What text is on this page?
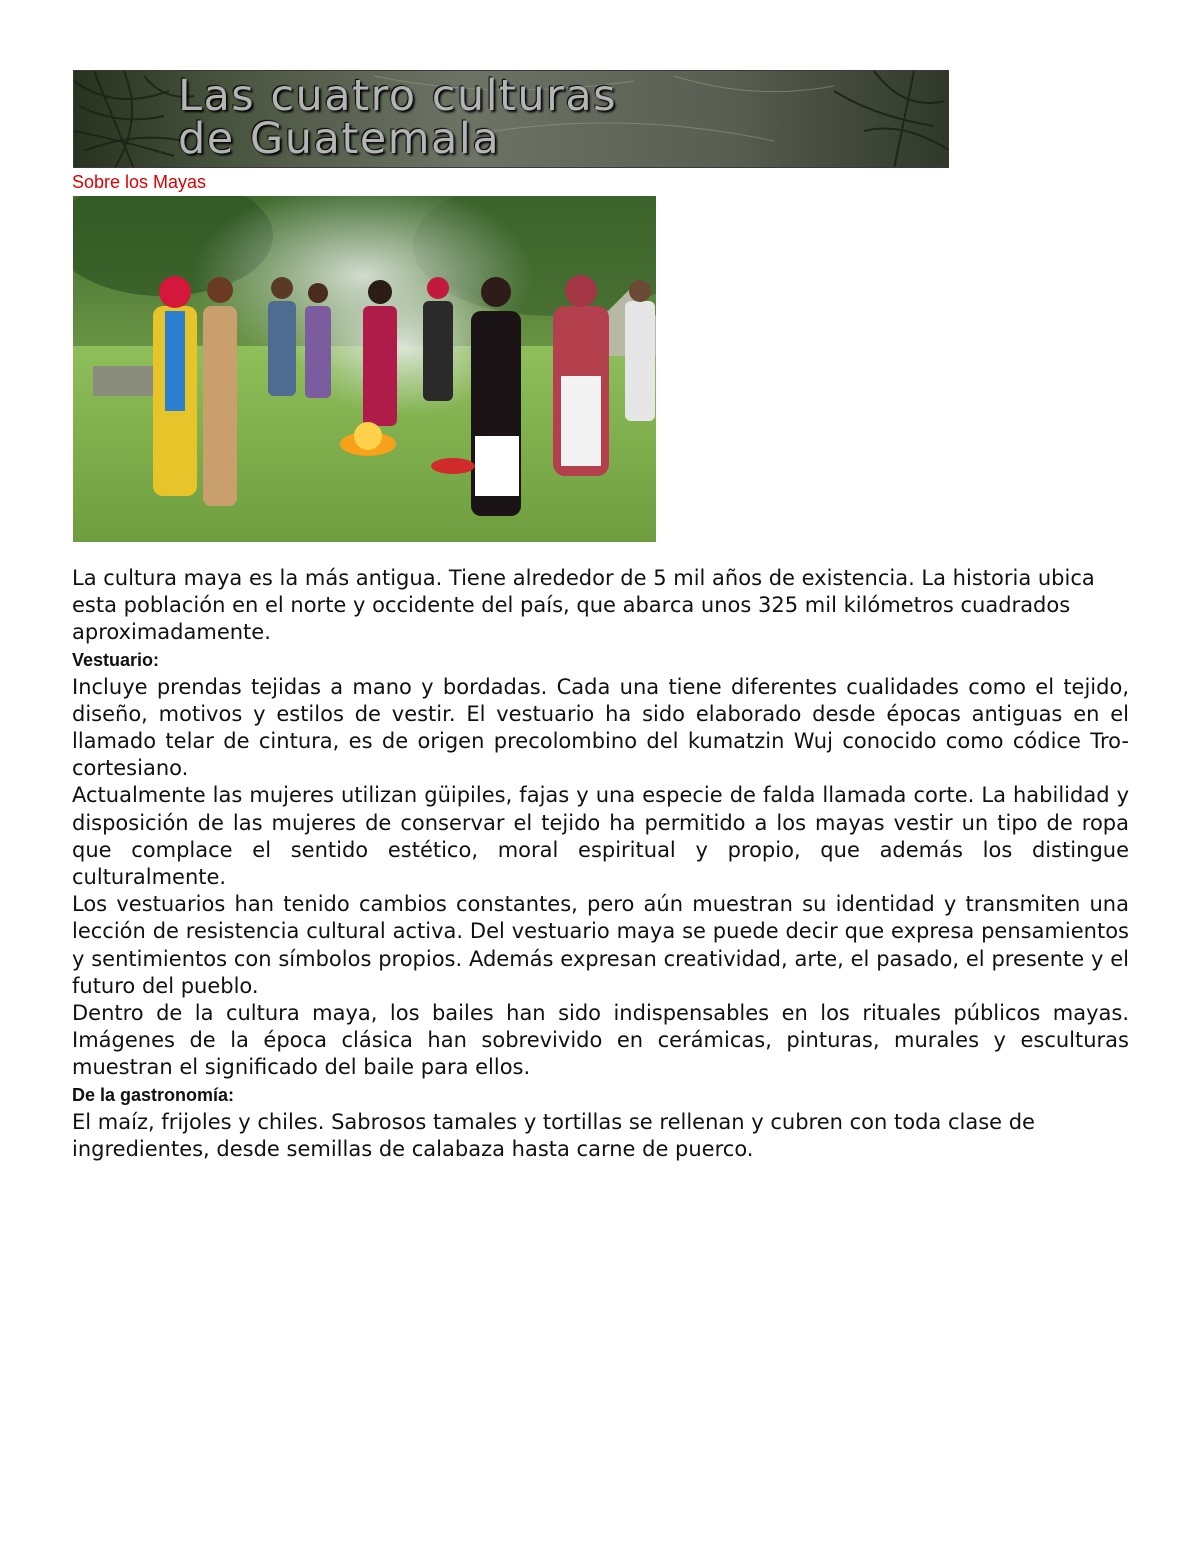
Las cuatro culturas
de Guatemala

Sobre los Mayas

La cultura maya es la más antigua. Tiene alrededor de 5 mil años de existencia. La historia ubica esta población en el norte y occidente del país, que abarca unos 325 mil kilómetros cuadrados aproximadamente.

Vestuario:

Incluye prendas tejidas a mano y bordadas. Cada una tiene diferentes cualidades como el tejido, diseño, motivos y estilos de vestir. El vestuario ha sido elaborado desde épocas antiguas en el llamado telar de cintura, es de origen precolombino del kumatzin Wuj conocido como códice Tro-cortesiano.

Actualmente las mujeres utilizan güipiles, fajas y una especie de falda llamada corte. La habilidad y disposición de las mujeres de conservar el tejido ha permitido a los mayas vestir un tipo de ropa que complace el sentido estético, moral espiritual y propio, que además los distingue culturalmente.

Los vestuarios han tenido cambios constantes, pero aún muestran su identidad y transmiten una lección de resistencia cultural activa. Del vestuario maya se puede decir que expresa pensamientos y sentimientos con símbolos propios. Además expresan creatividad, arte, el pasado, el presente y el futuro del pueblo.

Dentro de la cultura maya, los bailes han sido indispensables en los rituales públicos mayas. Imágenes de la época clásica han sobrevivido en cerámicas, pinturas, murales y esculturas muestran el significado del baile para ellos.

De la gastronomía:

El maíz, frijoles y chiles. Sabrosos tamales y tortillas se rellenan y cubren con toda clase de ingredientes, desde semillas de calabaza hasta carne de puerco.
